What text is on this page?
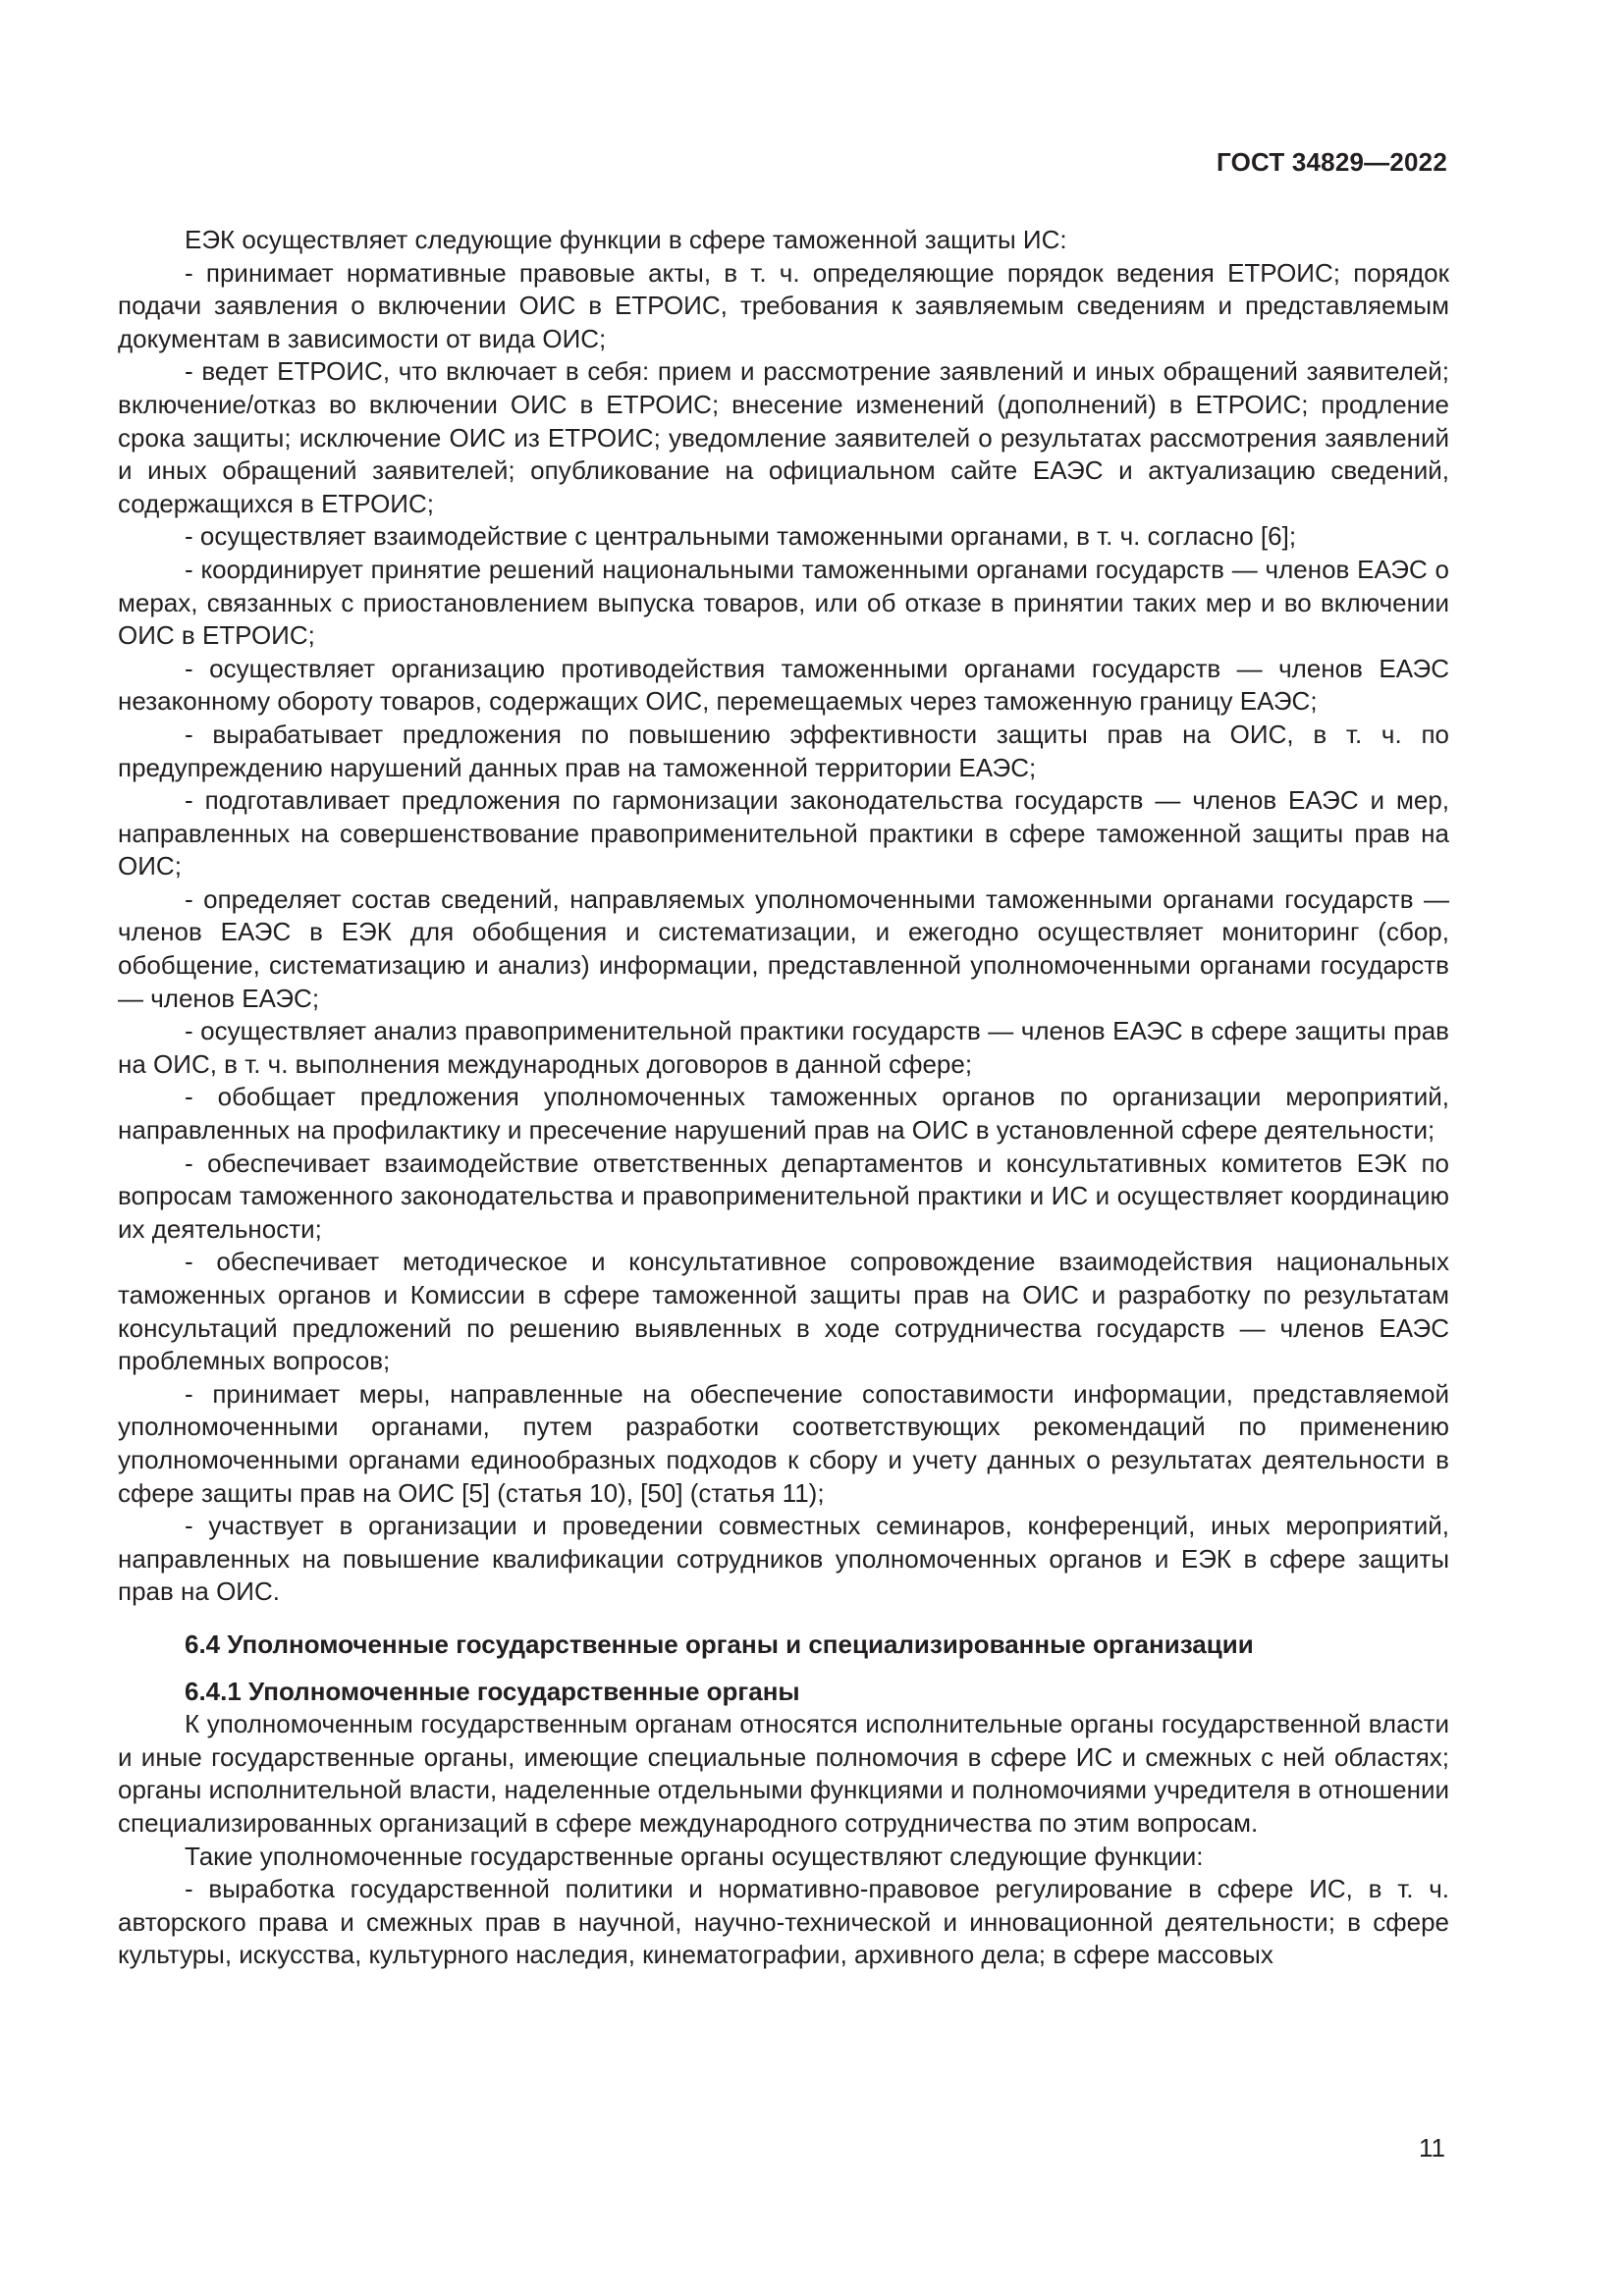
ГОСТ 34829—2022

ЕЭК осуществляет следующие функции в сфере таможенной защиты ИС:

- принимает нормативные правовые акты, в т. ч. определяющие порядок ведения ЕТРОИС; порядок подачи заявления о включении ОИС в ЕТРОИС, требования к заявляемым сведениям и представляемым документам в зависимости от вида ОИС;

- ведет ЕТРОИС, что включает в себя: прием и рассмотрение заявлений и иных обращений заявителей; включение/отказ во включении ОИС в ЕТРОИС; внесение изменений (дополнений) в ЕТРОИС; продление срока защиты; исключение ОИС из ЕТРОИС; уведомление заявителей о результатах рассмотрения заявлений и иных обращений заявителей; опубликование на официальном сайте ЕАЭС и актуализацию сведений, содержащихся в ЕТРОИС;

- осуществляет взаимодействие с центральными таможенными органами, в т. ч. согласно [6];

- координирует принятие решений национальными таможенными органами государств — членов ЕАЭС о мерах, связанных с приостановлением выпуска товаров, или об отказе в принятии таких мер и во включении ОИС в ЕТРОИС;

- осуществляет организацию противодействия таможенными органами государств — членов ЕАЭС незаконному обороту товаров, содержащих ОИС, перемещаемых через таможенную границу ЕАЭС;

- вырабатывает предложения по повышению эффективности защиты прав на ОИС, в т. ч. по предупреждению нарушений данных прав на таможенной территории ЕАЭС;

- подготавливает предложения по гармонизации законодательства государств — членов ЕАЭС и мер, направленных на совершенствование правоприменительной практики в сфере таможенной защиты прав на ОИС;

- определяет состав сведений, направляемых уполномоченными таможенными органами государств — членов ЕАЭС в ЕЭК для обобщения и систематизации, и ежегодно осуществляет мониторинг (сбор, обобщение, систематизацию и анализ) информации, представленной уполномоченными органами государств — членов ЕАЭС;

- осуществляет анализ правоприменительной практики государств — членов ЕАЭС в сфере защиты прав на ОИС, в т. ч. выполнения международных договоров в данной сфере;

- обобщает предложения уполномоченных таможенных органов по организации мероприятий, направленных на профилактику и пресечение нарушений прав на ОИС в установленной сфере деятельности;

- обеспечивает взаимодействие ответственных департаментов и консультативных комитетов ЕЭК по вопросам таможенного законодательства и правоприменительной практики и ИС и осуществляет координацию их деятельности;

- обеспечивает методическое и консультативное сопровождение взаимодействия национальных таможенных органов и Комиссии в сфере таможенной защиты прав на ОИС и разработку по результатам консультаций предложений по решению выявленных в ходе сотрудничества государств — членов ЕАЭС проблемных вопросов;

- принимает меры, направленные на обеспечение сопоставимости информации, представляемой уполномоченными органами, путем разработки соответствующих рекомендаций по применению уполномоченными органами единообразных подходов к сбору и учету данных о результатах деятельности в сфере защиты прав на ОИС [5] (статья 10), [50] (статья 11);

- участвует в организации и проведении совместных семинаров, конференций, иных мероприятий, направленных на повышение квалификации сотрудников уполномоченных органов и ЕЭК в сфере защиты прав на ОИС.

6.4 Уполномоченные государственные органы и специализированные организации
6.4.1 Уполномоченные государственные органы

К уполномоченным государственным органам относятся исполнительные органы государственной власти и иные государственные органы, имеющие специальные полномочия в сфере ИС и смежных с ней областях; органы исполнительной власти, наделенные отдельными функциями и полномочиями учредителя в отношении специализированных организаций в сфере международного сотрудничества по этим вопросам.

Такие уполномоченные государственные органы осуществляют следующие функции:

- выработка государственной политики и нормативно-правовое регулирование в сфере ИС, в т. ч. авторского права и смежных прав в научной, научно-технической и инновационной деятельности; в сфере культуры, искусства, культурного наследия, кинематографии, архивного дела; в сфере массовых

11
